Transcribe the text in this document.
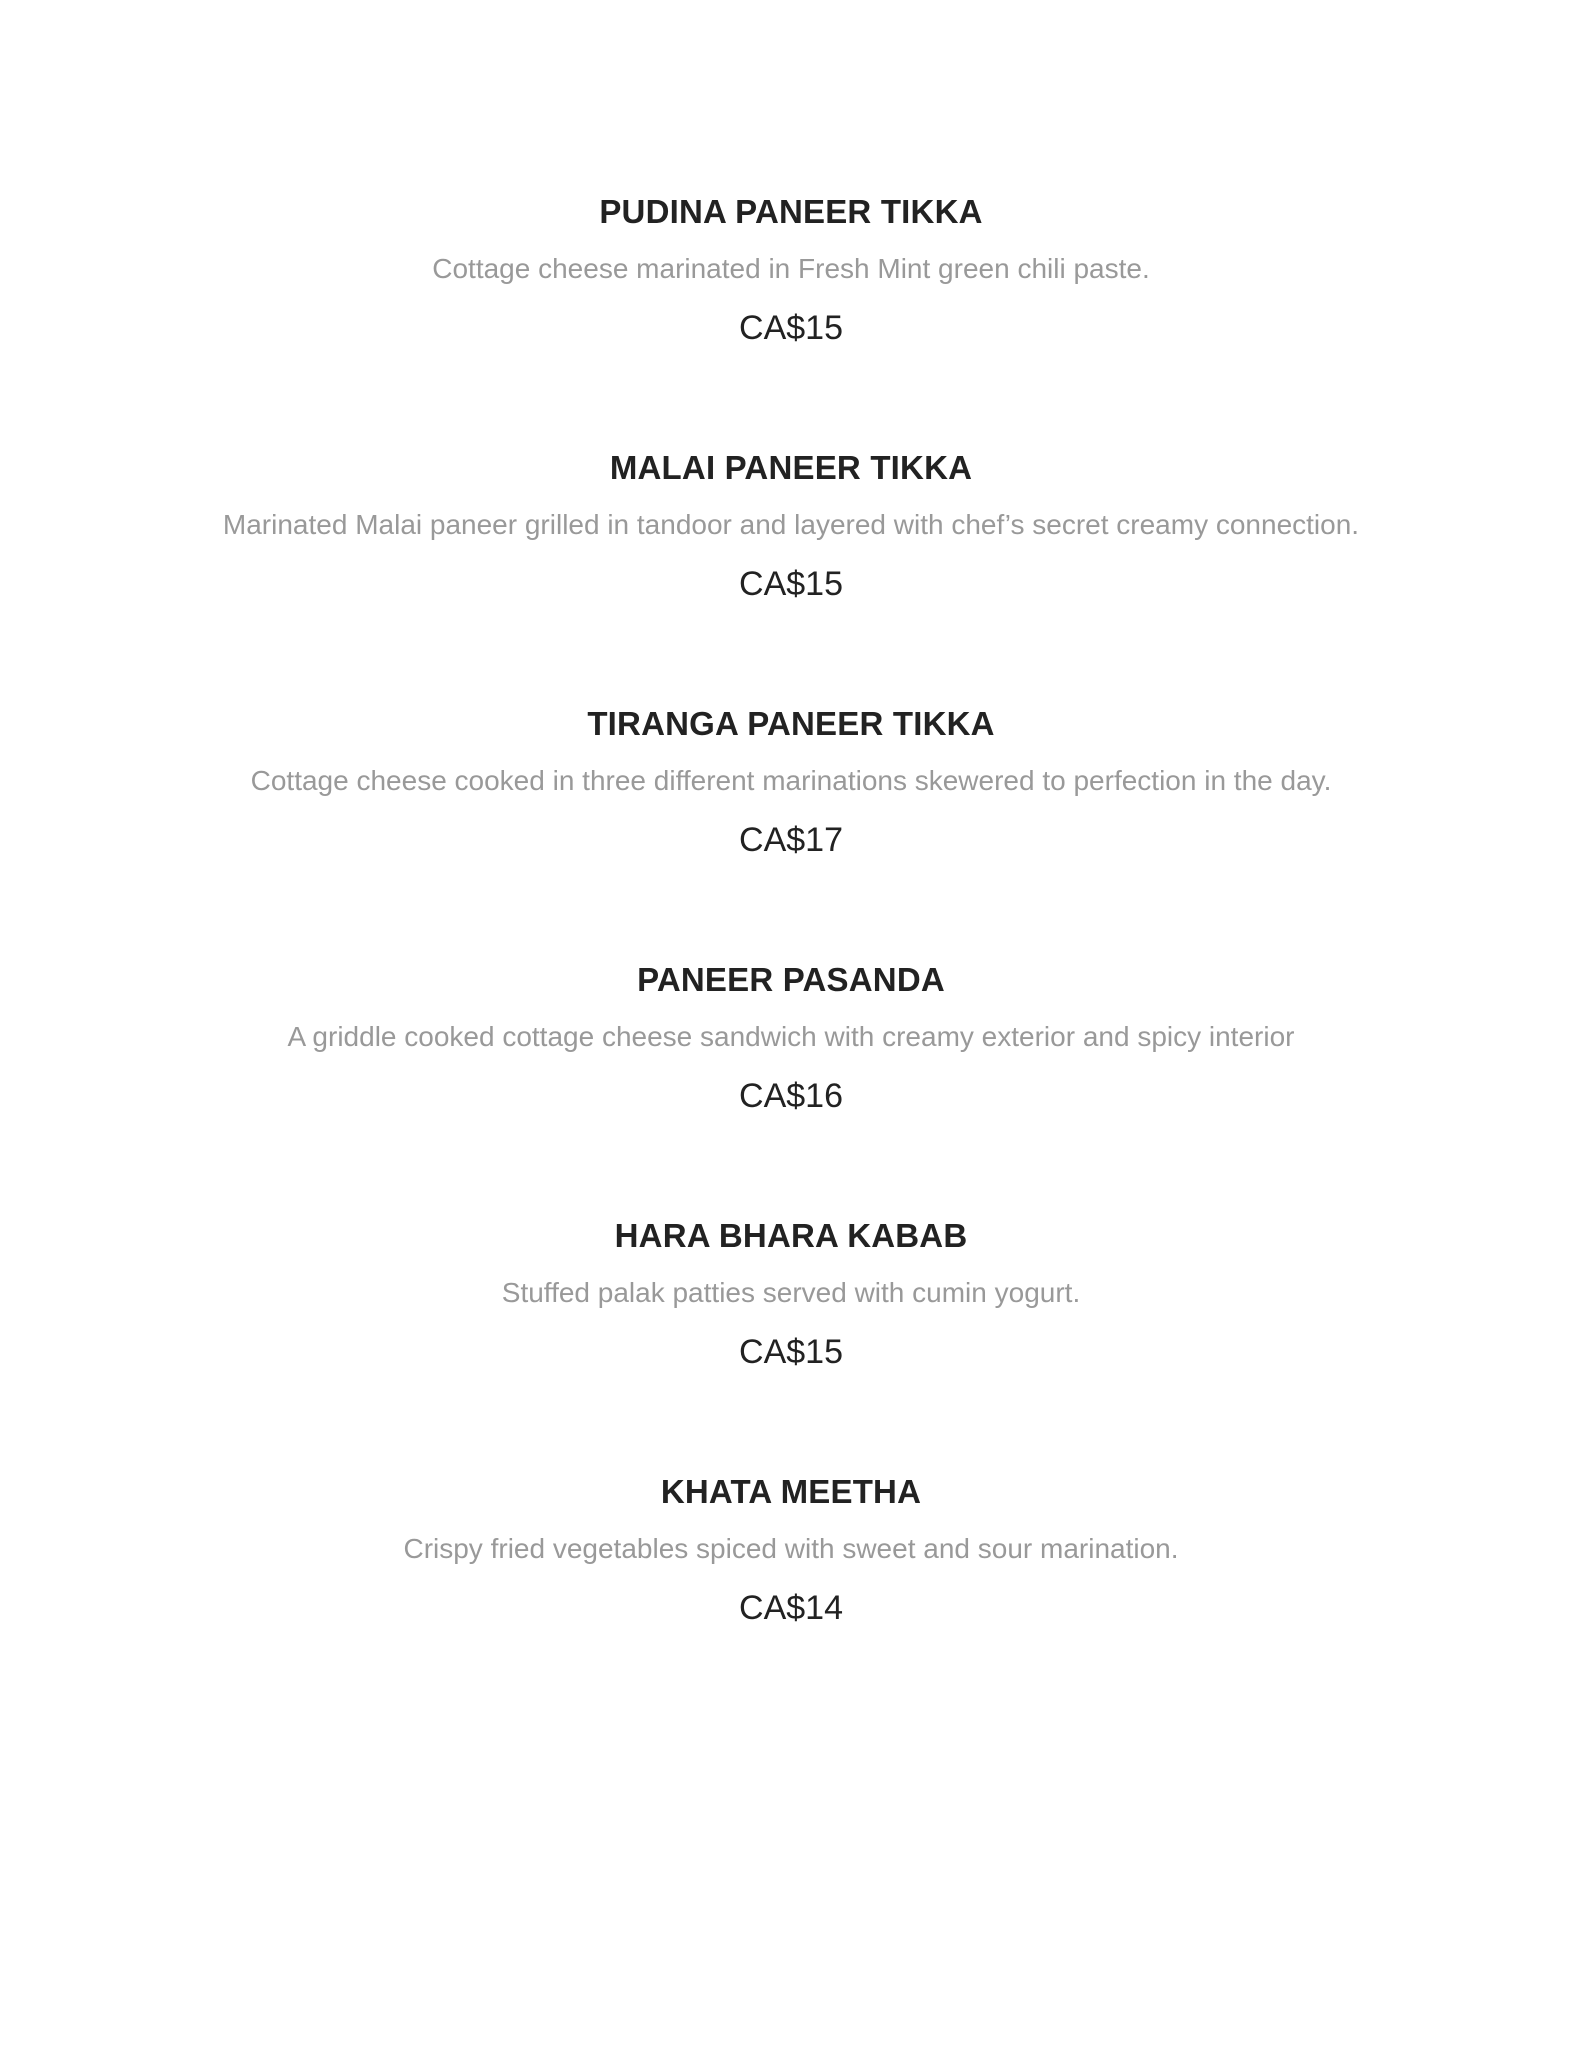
PUDINA PANEER TIKKA

Cottage cheese marinated in Fresh Mint green chili paste.

CA$15

MALAI PANEER TIKKA

Marinated Malai paneer grilled in tandoor and layered with chef’s secret creamy connection.

CA$15

TIRANGA PANEER TIKKA

Cottage cheese cooked in three different marinations skewered to perfection in the day.

CA$17

PANEER PASANDA

A griddle cooked cottage cheese sandwich with creamy exterior and spicy interior

CA$16

HARA BHARA KABAB

Stuffed palak patties served with cumin yogurt.

CA$15

KHATA MEETHA

Crispy fried vegetables spiced with sweet and sour marination.

CA$14
